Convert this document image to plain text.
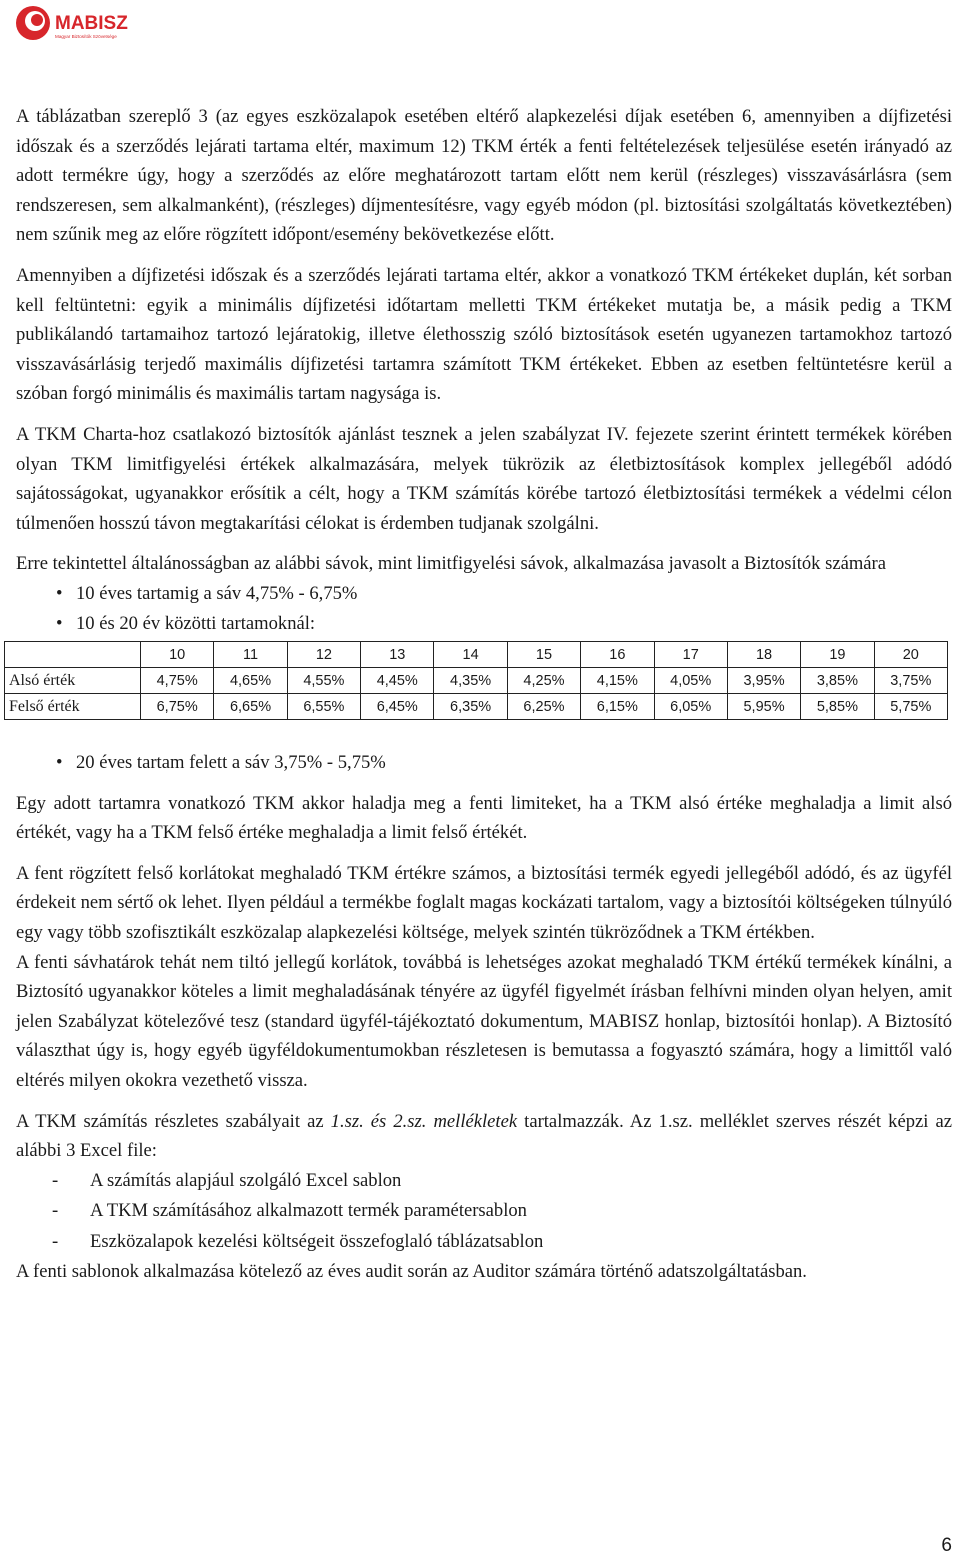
MABISZ
Magyar Biztosítók Szövetsége

A táblázatban szereplő 3 (az egyes eszközalapok esetében eltérő alapkezelési díjak esetében 6, amennyiben a díjfizetési időszak és a szerződés lejárati tartama eltér, maximum 12) TKM érték a fenti feltételezések teljesülése esetén irányadó az adott termékre úgy, hogy a szerződés az előre meghatározott tartam előtt nem kerül (részleges) visszavásárlásra (sem rendszeresen, sem alkalmanként), (részleges) díjmentesítésre, vagy egyéb módon (pl. biztosítási szolgáltatás következtében) nem szűnik meg az előre rögzített időpont/esemény bekövetkezése előtt.

Amennyiben a díjfizetési időszak és a szerződés lejárati tartama eltér, akkor a vonatkozó TKM értékeket duplán, két sorban kell feltüntetni: egyik a minimális díjfizetési időtartam melletti TKM értékeket mutatja be, a másik pedig a TKM publikálandó tartamaihoz tartozó lejáratokig, illetve élethosszig szóló biztosítások esetén ugyanezen tartamokhoz tartozó visszavásárlásig terjedő maximális díjfizetési tartamra számított TKM értékeket. Ebben az esetben feltüntetésre kerül a szóban forgó minimális és maximális tartam nagysága is.

A TKM Charta-hoz csatlakozó biztosítók ajánlást tesznek a jelen szabályzat IV. fejezete szerint érintett termékek körében olyan TKM limitfigyelési értékek alkalmazására, melyek tükrözik az életbiztosítások komplex jellegéből adódó sajátosságokat, ugyanakkor erősítik a célt, hogy a TKM számítás körébe tartozó életbiztosítási termékek a védelmi célon túlmenően hosszú távon megtakarítási célokat is érdemben tudjanak szolgálni.

Erre tekintettel általánosságban az alábbi sávok, mint limitfigyelési sávok, alkalmazása javasolt a Biztosítók számára

• 10 éves tartamig a sáv 4,75% - 6,75%
• 10 és 20 év közötti tartamoknál:
	10	11	12	13	14	15	16	17	18	19	20
Alsó érték	4,75%	4,65%	4,55%	4,45%	4,35%	4,25%	4,15%	4,05%	3,95%	3,85%	3,75%
Felső érték	6,75%	6,65%	6,55%	6,45%	6,35%	6,25%	6,15%	6,05%	5,95%	5,85%	5,75%
• 20 éves tartam felett a sáv 3,75% - 5,75%

Egy adott tartamra vonatkozó TKM akkor haladja meg a fenti limiteket, ha a TKM alsó értéke meghaladja a limit alsó értékét, vagy ha a TKM felső értéke meghaladja a limit felső értékét.

A fent rögzített felső korlátokat meghaladó TKM értékre számos, a biztosítási termék egyedi jellegéből adódó, és az ügyfél érdekeit nem sértő ok lehet. Ilyen például a termékbe foglalt magas kockázati tartalom, vagy a biztosítói költségeken túlnyúló egy vagy több szofisztikált eszközalap alapkezelési költsége, melyek szintén tükröződnek a TKM értékben.

A fenti sávhatárok tehát nem tiltó jellegű korlátok, továbbá is lehetséges azokat meghaladó TKM értékű termékek kínálni, a Biztosító ugyanakkor köteles a limit meghaladásának tényére az ügyfél figyelmét írásban felhívni minden olyan helyen, amit jelen Szabályzat kötelezővé tesz (standard ügyfél-tájékoztató dokumentum, MABISZ honlap, biztosítói honlap). A Biztosító választhat úgy is, hogy egyéb ügyféldokumentumokban részletesen is bemutassa a fogyasztó számára, hogy a limittől való eltérés milyen okokra vezethető vissza.

A TKM számítás részletes szabályait az 1.sz. és 2.sz. mellékletek tartalmazzák. Az 1.sz. melléklet szerves részét képzi az alábbi 3 Excel file:

- A számítás alapjául szolgáló Excel sablon
- A TKM számításához alkalmazott termék paramétersablon
- Eszközalapok kezelési költségeit összefoglaló táblázatsablon

A fenti sablonok alkalmazása kötelező az éves audit során az Auditor számára történő adatszolgáltatásban.

6
